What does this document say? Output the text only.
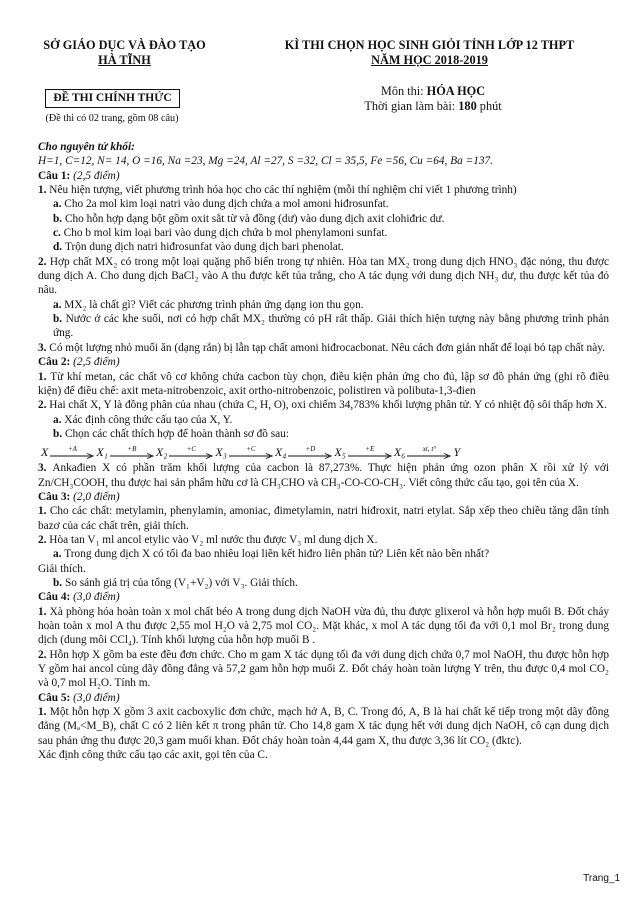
SỞ GIÁO DỤC VÀ ĐÀO TẠO
HÀ TĨNH
KÌ THI CHỌN HỌC SINH GIỎI TỈNH LỚP 12 THPT
NĂM HỌC 2018-2019
Môn thi: HÓA HỌC
Thời gian làm bài: 180 phút
ĐỀ THI CHÍNH THỨC
(Đề thi có 02 trang, gồm 08 câu)

Cho nguyên tử khối:

H=1, C=12, N= 14, O =16, Na =23, Mg =24, Al =27, S =32, Cl = 35,5, Fe =56, Cu =64, Ba =137.

Câu 1: (2,5 điểm)

1. Nêu hiện tượng, viết phương trình hóa học cho các thí nghiệm (mỗi thí nghiệm chỉ viết 1 phương trình)

a. Cho 2a mol kim loại natri vào dung dịch chứa a mol amoni hiđrosunfat.

b. Cho hỗn hợp dạng bột gồm oxit sắt từ và đồng (dư) vào dung dịch axit clohiđric dư.

c. Cho b mol kim loại bari vào dung dịch chứa b mol phenylamoni sunfat.

d. Trộn dung dịch natri hiđrosunfat vào dung dịch bari phenolat.

2. Hợp chất MX₂ có trong một loại quặng phổ biến trong tự nhiên. Hòa tan MX₂ trong dung dịch HNO₃ đặc nóng, thu được dung dịch A. Cho dung dịch BaCl₂ vào A thu được kết tủa trắng, cho A tác dụng với dung dịch NH₃ dư, thu được kết tủa đỏ nâu.

a. MX₂ là chất gì? Viết các phương trình phản ứng dạng ion thu gọn.

b. Nước ở các khe suối, nơi có hợp chất MX₂ thường có pH rất thấp. Giải thích hiện tượng này bằng phương trình phản ứng.

3. Có một lượng nhỏ muối ăn (dạng rắn) bị lẫn tạp chất amoni hiđrocacbonat. Nêu cách đơn giản nhất để loại bỏ tạp chất này.

Câu 2: (2,5 điểm)

1. Từ khí metan, các chất vô cơ không chứa cacbon tùy chọn, điều kiện phản ứng cho đủ, lập sơ đồ phản ứng (ghi rõ điều kiện) để điều chế: axit meta-nitrobenzoic, axit ortho-nitrobenzoic, polistiren và polibuta-1,3-đien

2. Hai chất X, Y là đồng phân của nhau (chứa C, H, O), oxi chiếm 34,783% khối lượng phân tử. Y có nhiệt độ sôi thấp hơn X.

a. Xác định công thức cấu tạo của X, Y.

b. Chọn các chất thích hợp để hoàn thành sơ đồ sau:

X	+A X₁	+B X₂	+C X₃	+C X₄	+D X₅	+E X₆ xt, t° Y

3. Ankađien X có phần trăm khối lượng của cacbon là 87,273%. Thực hiện phản ứng ozon phân X rồi xử lý với Zn/CH₃COOH, thu được hai sản phẩm hữu cơ là CH₃CHO và CH₃-CO-CO-CH₃. Viết công thức cấu tạo, gọi tên của X.

Câu 3: (2,0 điểm)

1. Cho các chất: metylamin, phenylamin, amoniac, đimetylamin, natri hiđroxit, natri etylat. Sắp xếp theo chiều tăng dần tính bazơ của các chất trên, giải thích.

2. Hòa tan V₁ ml ancol etylic vào V₂ ml nước thu được V₃ ml dung dịch X.

a. Trong dung dịch X có tối đa bao nhiêu loại liên kết hiđro liên phân tử? Liên kết nào bền nhất?

Giải thích.

b. So sánh giá trị của tổng (V₁+V₂) với V₃. Giải thích.

Câu 4: (3,0 điểm)

1. Xà phòng hóa hoàn toàn x mol chất béo A trong dung dịch NaOH vừa đủ, thu được glixerol và hỗn hợp muối B. Đốt cháy hoàn toàn x mol A thu được 2,55 mol H₂O và 2,75 mol CO₂. Mặt khác, x mol A tác dụng tối đa với 0,1 mol Br₂ trong dung dịch (dung môi CCl₄). Tính khối lượng của hỗn hợp muối B .

2. Hỗn hợp X gồm ba este đều đơn chức. Cho m gam X tác dụng tối đa với dung dịch chứa 0,7 mol NaOH, thu được hỗn hợp Y gồm hai ancol cùng dãy đồng đẳng và 57,2 gam hỗn hợp muối Z. Đốt cháy hoàn toàn lượng Y trên, thu được 0,4 mol CO₂ và 0,7 mol H₂O. Tính m.

Câu 5: (3,0 điểm)

1. Một hỗn hợp X gồm 3 axit cacboxylic đơn chức, mạch hở A, B, C. Trong đó, A, B là hai chất kế tiếp trong một dãy đồng đẳng (Mₐ<M_B), chất C có 2 liên kết π trong phân tử. Cho 14,8 gam X tác dụng hết với dung dịch NaOH, cô cạn dung dịch sau phản ứng thu được 20,3 gam muối khan. Đốt cháy hoàn toàn 4,44 gam X, thu được 3,36 lít CO₂ (đktc).

Xác định công thức cấu tạo các axit, gọi tên của C.

Trang_1
